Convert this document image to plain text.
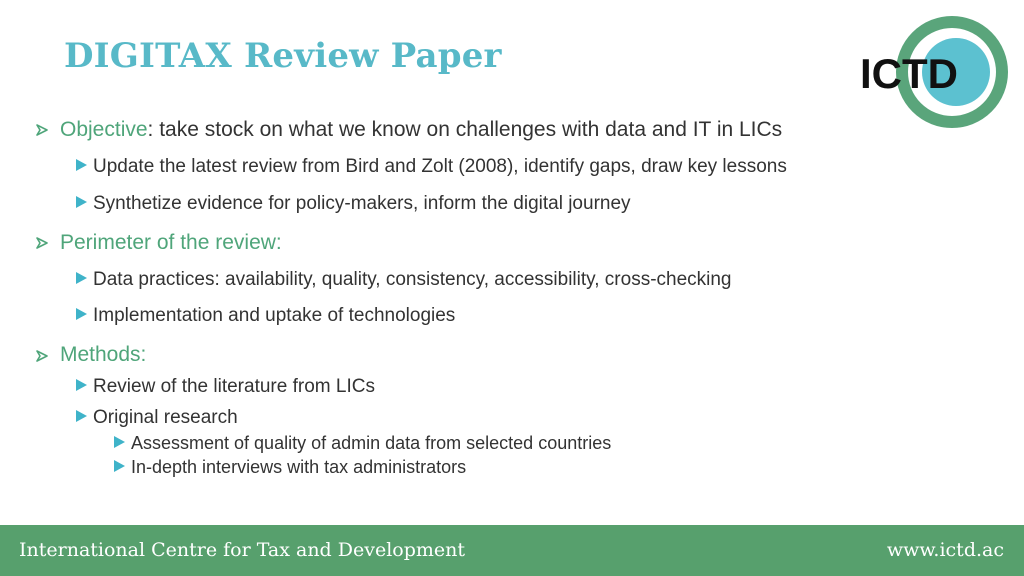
DIGITAX Review Paper	ICTD
Objective: take stock on what we know on challenges with data and IT in LICs
Update the latest review from Bird and Zolt (2008), identify gaps, draw key lessons
Synthetize evidence for policy-makers, inform the digital journey
Perimeter of the review:
Data practices: availability, quality, consistency, accessibility, cross-checking
Implementation and uptake of technologies
Methods:
Review of the literature from LICs
Original research
Assessment of quality of admin data from selected countries
In-depth interviews with tax administrators
International Centre for Tax and Development	www.ictd.ac
